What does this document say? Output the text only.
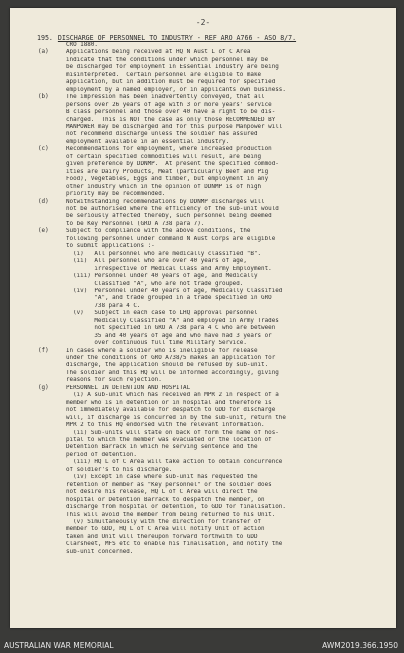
-2-
195. DISCHARGE OF PERSONNEL TO INDUSTRY - REF ARO A766 - ASO 8/7.
CRO 1880.
(a)	Applications being received at HQ N Aust L of C Area
indicate that the conditions under which personnel may be
be discharged for employment in Essential Industry are being
misinterpreted.  Certain personnel are eligible to make
application, but in addition must be required for specified
employment by a named employer, or in applicants own business.
(b)	The impression has been inadvertently conveyed, that all
persons over 26 years of age with 3 or more years' service
B class personnel and those over 40 have a right to be dis-
charged.  This is NOT the case as only those RECOMMENDED BY
MANPOWER may be discharged and for this purpose Manpower will
not recommend discharge unless the soldier has assured
employment available in an essential industry.
(c)	Recommendations for employment, where increased production
of certain specified commodities will result, are being
given preference by DDNMP.  At present the specified commod-
ities are Dairy Products, Meat (particularly Beef and Pig
Food), Vegetables, Eggs and timber, but employment in any
other industry which in the opinion of DDNMP is of high
priority may be recommended.
(d)	Notwithstanding recommendations by DDNMP discharges will
not be authorised where the efficiency of the sub-unit would
be seriously affected thereby, such personnel being deemed
to be Key Personnel (GRO A 738 para 7).
(e)	Subject to compliance with the above conditions, the
following personnel under command N Aust Corps are eligible
to submit applications :-
(i)   All personnel who are medically classified "B".
(ii)  All personnel who are over 40 years of age,
irrespective of Medical Class and Army Employment.
(iii) Personnel under 40 years of age, and Medically
Classified "A", who are not trade grouped.
(iv)  Personnel under 40 years of age, Medically Classified
"A", and trade grouped in a trade specified in GRO
738 para 4 C.
(v)   Subject in each case to LHQ approval personnel
Medically Classified "A" and employed in Army Trades
not specified in GRO A 738 para 4 C who are between
35 and 40 years of age and who have had 3 years or
over continuous full time Military Service.
(f)	In cases where a soldier who is ineligible for release
under the conditions of GRO A738/5 makes an application for
discharge, the application should be refused by sub-unit.
The soldier and this HQ will be informed accordingly, giving
reasons for such rejection.
(g)	PERSONNEL IN DETENTION AND HOSPITAL
(i) A sub-unit which has received an MPR 2 in respect of a
member who is in detention or in hospital and therefore is
not immediately available for despatch to GDD for discharge
will, if discharge is concurred in by the sub-unit, return the
MPR 2 to this HQ endorsed with the relevant information.
(ii) Sub-units will state on back of form the name of hos-
pital to which the member was evacuated or the location of
Detention Barrack in which he serving sentence and the
period of detention.
(iii) HQ L of C Area will take action to obtain concurrence
of soldier's to his discharge.
(iv) Except in case where sub-unit has requested the
retention of member as "Key personnel" or the soldier does
not desire his release, HQ L of C Area will direct the
hospital or Detention Barrack to despatch the member, on
discharge from hospital or detention, to GDD for finalisation.
This will avoid the member from being returned to his Unit.
(v) Simultaneously with the direction for transfer of
member to GDD, HQ L of C Area will notify Unit of action
taken and Unit will thereupon forward forthwith to GDD
Clarsheet, MFS etc to enable his finalisation, and notify the
sub-unit concerned.
AUSTRALIAN WAR MEMORIAL	AWM2019.366.1950
